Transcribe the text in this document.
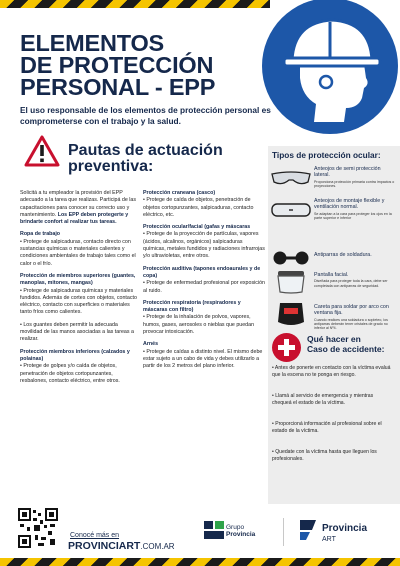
ELEMENTOS
DE PROTECCIÓN
PERSONAL - EPP
El uso responsable de los elementos de protección personal es comprometerse con el trabajo y la salud.
Pautas de actuación
preventiva:

Solicitá a tu empleador la provisión del EPP adecuado a la tarea que realizas. Participá de las capacitaciones para conocer su correcto uso y mantenimiento. Los EPP deben protegerte y brindarte confort al realizar tus tareas.

Ropa de trabajo
• Protege de salpicaduras, contacto directo con sustancias químicas o materiales calientes y condiciones ambientales de trabajo tales como el calor o el frío.

Protección de miembros superiores (guantes, manoplas, mitones, mangas)
• Protege de salpicaduras químicas y materiales fundidos. Además de cortes con objetos, contacto eléctrico, contacto con superficies o materiales tanto fríos como calientes.

• Los guantes deben permitir la adecuada movilidad de las manos asociadas a las tareas a realizar.

Protección miembros inferiores (calzados y polainas)
• Protege de golpes y/o caída de objetos, penetración de objetos cortopunzantes, resbalones, contacto eléctrico, entre otros.

Protección craneana (casco)
• Protege de caída de objetos, penetración de objetos cortopunzantes, salpicaduras, contacto eléctrico, etc.

Protección ocular/facial (gafas y máscaras
• Protege de la proyección de partículas, vapores (ácidos, alcalinos, orgánicos) salpicaduras químicas, metales fundidos y radiaciones infrarrojas y/o ultravioletas, entre otros.

Protección auditiva (tapones endoaurales y de copa)
• Protege de enfermedad profesional por exposición al ruido.

Protección respiratoria (respiradores y máscaras con filtro)
• Protege de la inhalación de polvos, vapores, humos, gases, aerosoles o nieblas que puedan provocar intoxicación.

Arnés
• Protege de caídas a distinto nivel. El mismo debe estar sujeto a un cabo de vida y debes utilizarlo a partir de los 2 metros del plano inferior.

Tipos de protección ocular:
Anteojos de semi protección lateral.
Proporciona protección primaria contra impactos o proyecciones.
Anteojos de montaje flexible y ventilación normal.
Se adaptan a la cara para proteger los ojos en la parte superior e inferior
Antiparras de soldadura.
Pantalla facial.
Diseñada para proteger toda la cara, debe ser completada con antiparras de seguridad.
Careta para soldar por arco con ventana fija.
Cuando realices una soldadura o sopleteo, los antiparras deberán tener cristales de grado no inferior al Nº4.
Qué hacer en
Caso de accidente:
• Antes de ponerte en contacto con la víctima evaluá que la escena no te ponga en riesgo.
• Llamá al servicio de emergencia y mientras chequeá el estado de la víctima.
• Proporcioná información al profesional sobre el estado de la víctima.
• Quedate con la víctima hasta que lleguen los profesionales.
Conocé más en
PROVINCIART.COM.AR
Grupo
Provincia
Provincia
ART
